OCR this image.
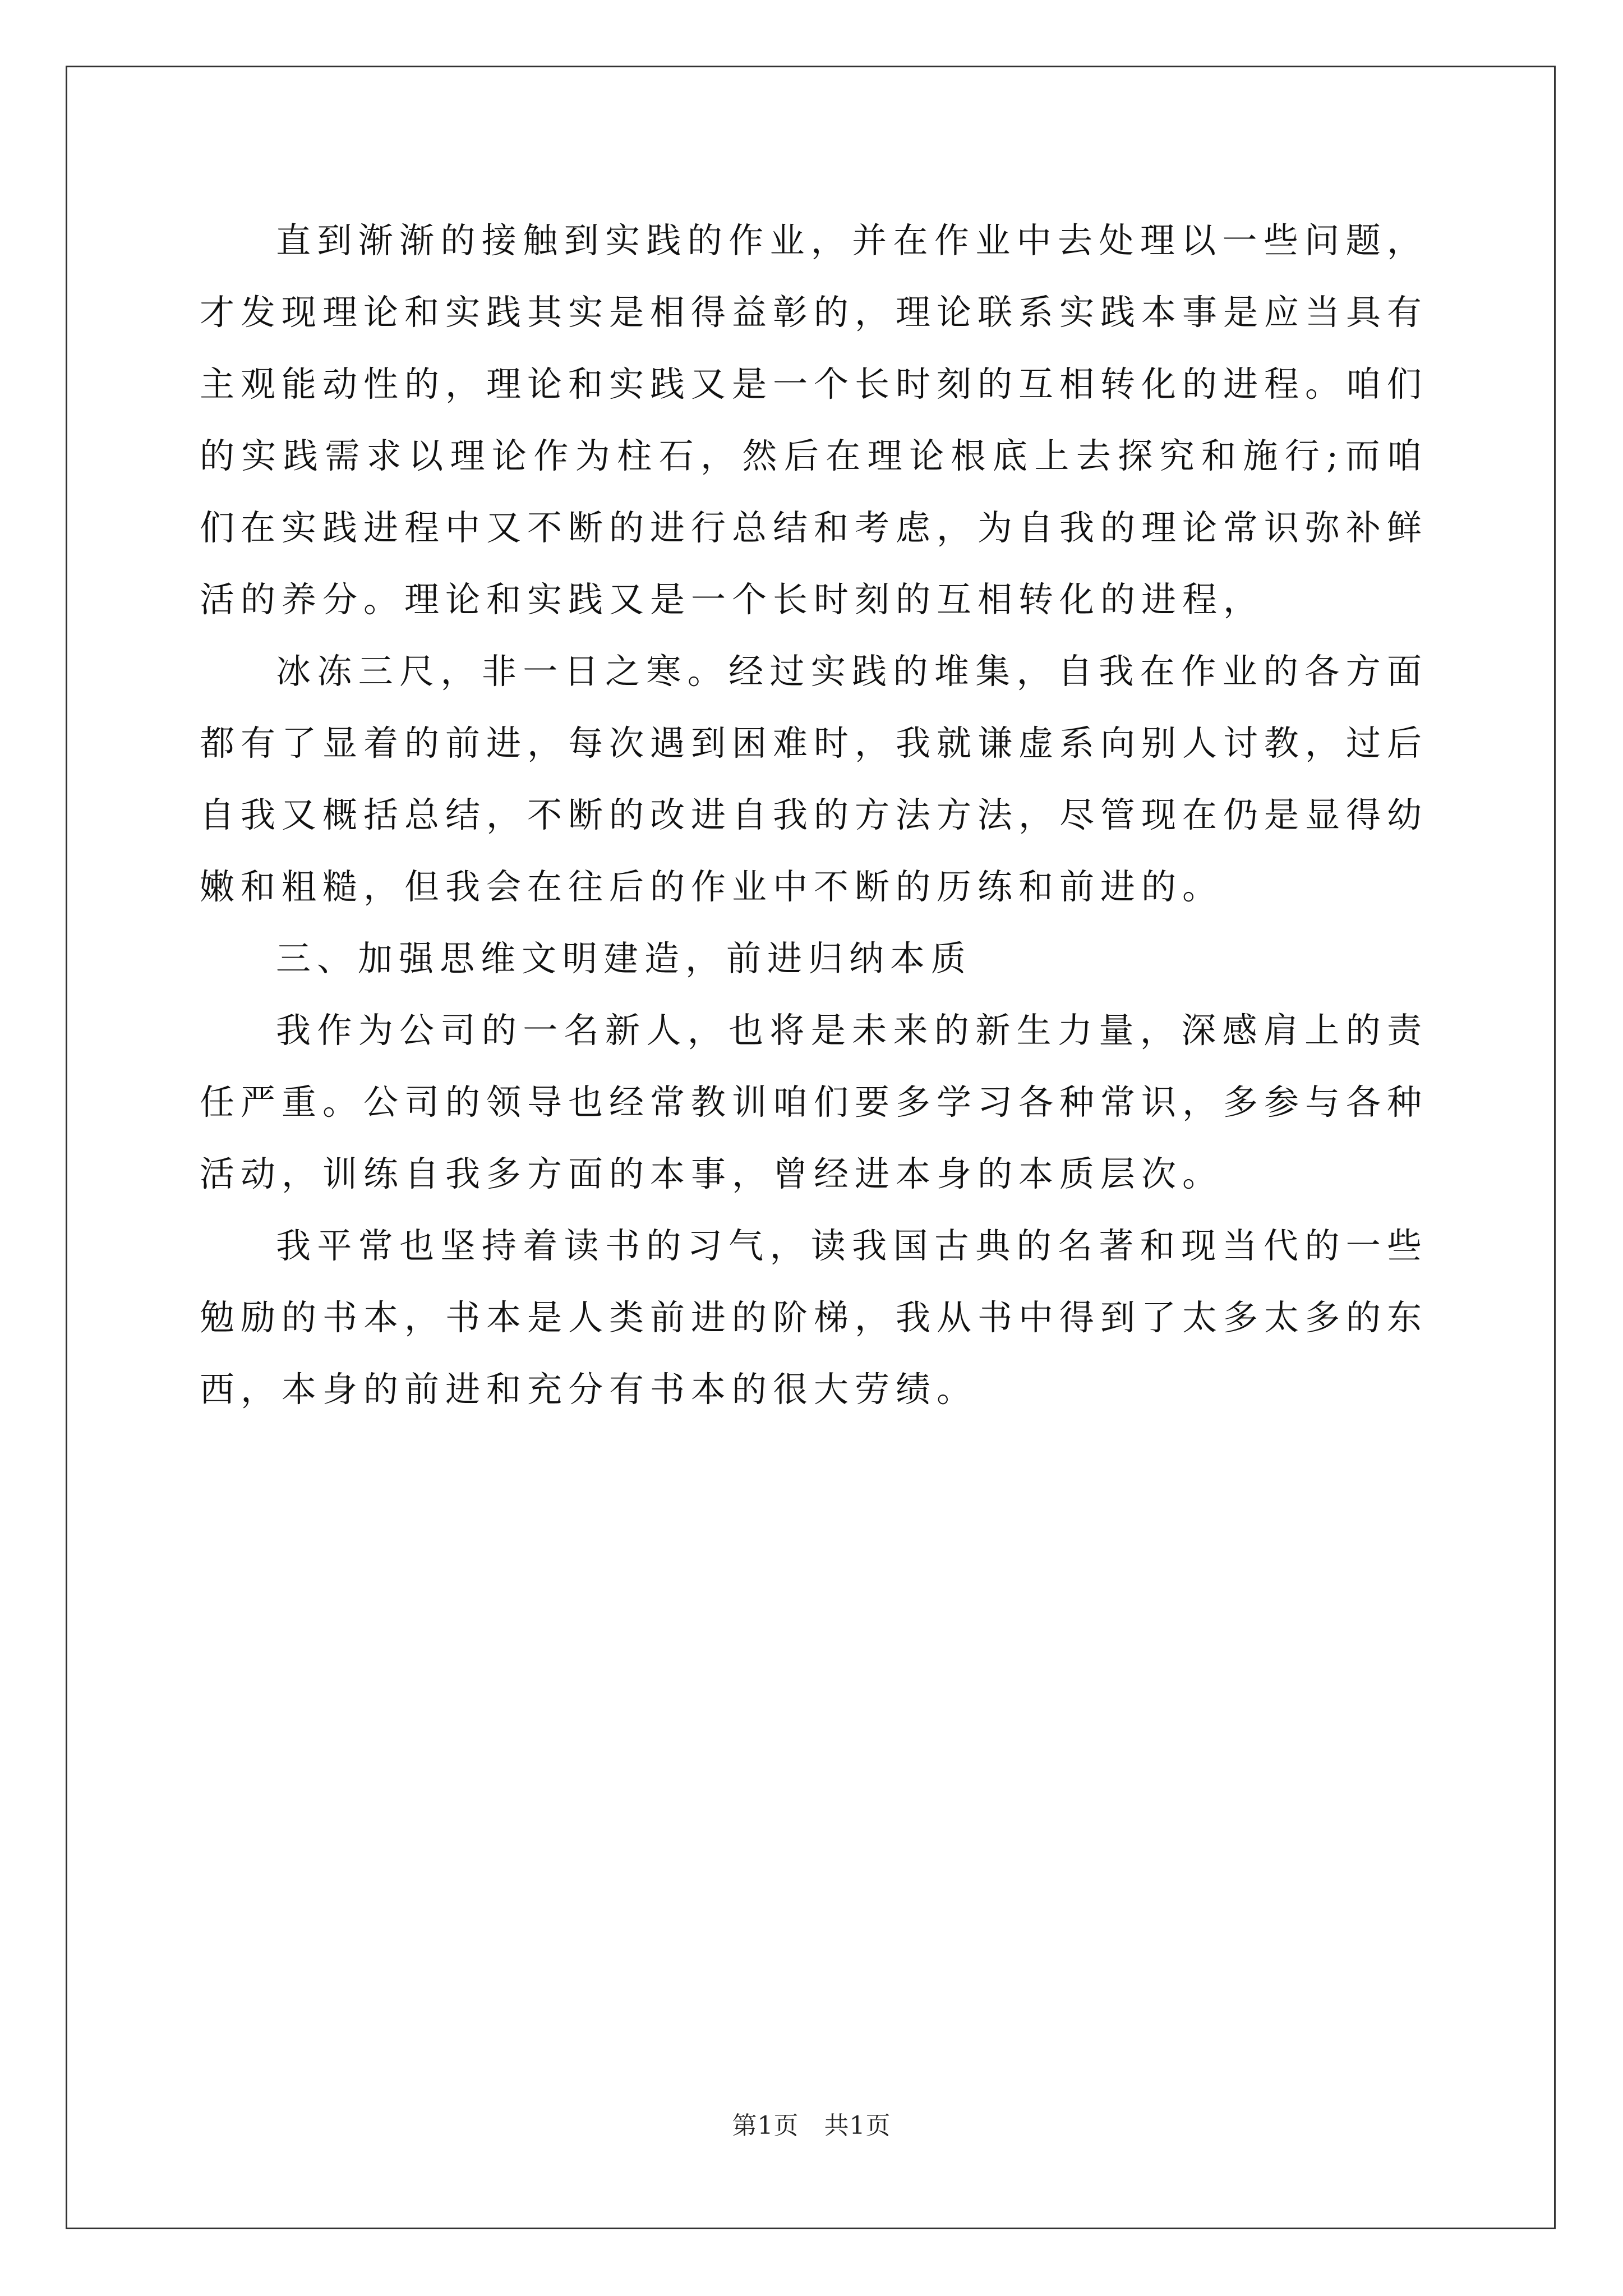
直到渐渐的接触到实践的作业，并在作业中去处理以一些问题，才发现理论和实践其实是相得益彰的，理论联系实践本事是应当具有主观能动性的，理论和实践又是一个长时刻的互相转化的进程。咱们的实践需求以理论作为柱石，然后在理论根底上去探究和施行;而咱们在实践进程中又不断的进行总结和考虑，为自我的理论常识弥补鲜活的养分。理论和实践又是一个长时刻的互相转化的进程，

冰冻三尺，非一日之寒。经过实践的堆集，自我在作业的各方面都有了显着的前进，每次遇到困难时，我就谦虚系向别人讨教，过后自我又概括总结，不断的改进自我的方法方法，尽管现在仍是显得幼嫩和粗糙，但我会在往后的作业中不断的历练和前进的。

三、加强思维文明建造，前进归纳本质

我作为公司的一名新人，也将是未来的新生力量，深感肩上的责任严重。公司的领导也经常教训咱们要多学习各种常识，多参与各种活动，训练自我多方面的本事，曾经进本身的本质层次。

我平常也坚持着读书的习气，读我国古典的名著和现当代的一些勉励的书本，书本是人类前进的阶梯，我从书中得到了太多太多的东西，本身的前进和充分有书本的很大劳绩。

第1页 共1页
